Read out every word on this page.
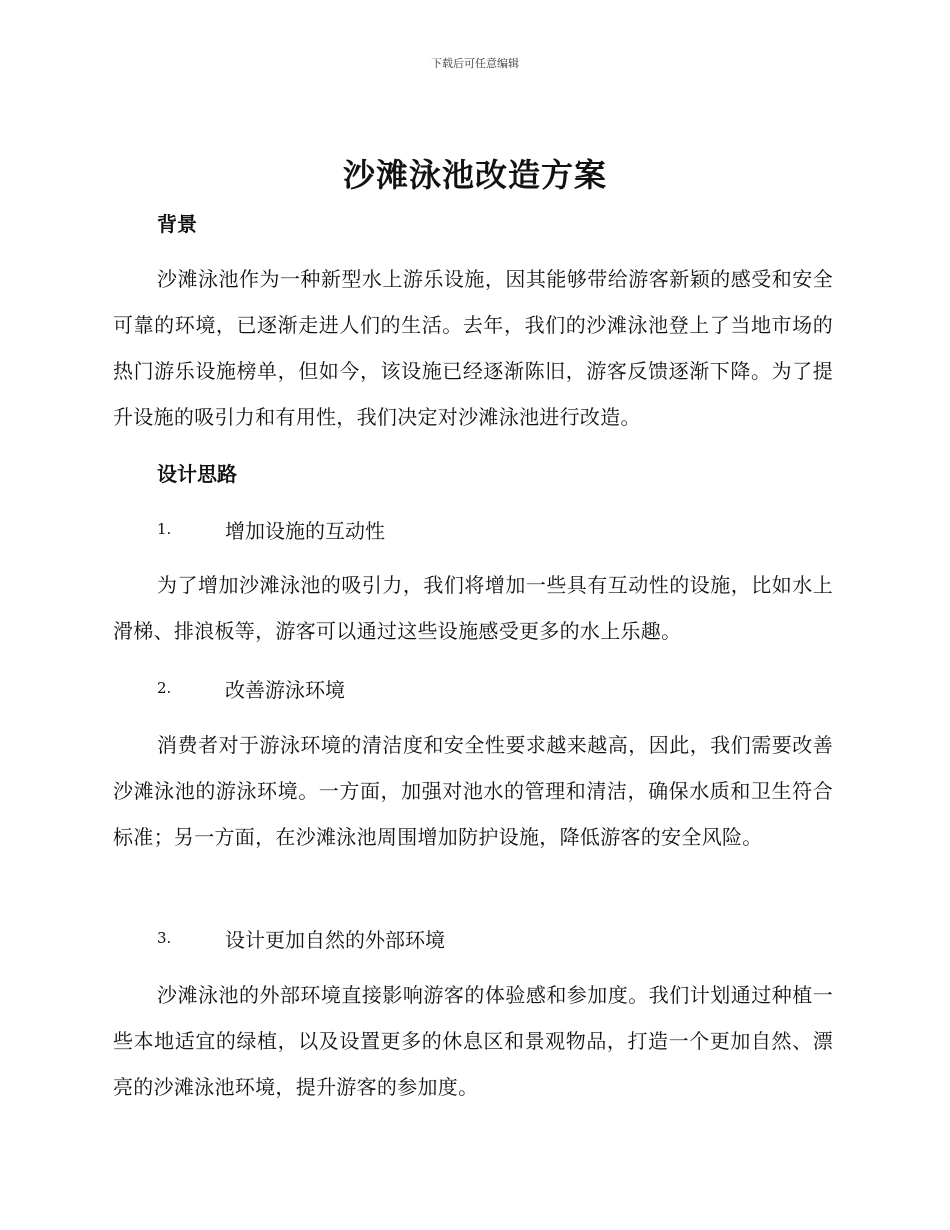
下载后可任意编辑
沙滩泳池改造方案
背景
沙滩泳池作为一种新型水上游乐设施，因其能够带给游客新颖的感受和安全可靠的环境，已逐渐走进人们的生活。去年，我们的沙滩泳池登上了当地市场的热门游乐设施榜单，但如今，该设施已经逐渐陈旧，游客反馈逐渐下降。为了提升设施的吸引力和有用性，我们决定对沙滩泳池进行改造。
设计思路
1.	增加设施的互动性
为了增加沙滩泳池的吸引力，我们将增加一些具有互动性的设施，比如水上滑梯、排浪板等，游客可以通过这些设施感受更多的水上乐趣。
2.	改善游泳环境
消费者对于游泳环境的清洁度和安全性要求越来越高，因此，我们需要改善沙滩泳池的游泳环境。一方面，加强对池水的管理和清洁，确保水质和卫生符合标准；另一方面，在沙滩泳池周围增加防护设施，降低游客的安全风险。
3.	设计更加自然的外部环境
沙滩泳池的外部环境直接影响游客的体验感和参加度。我们计划通过种植一些本地适宜的绿植，以及设置更多的休息区和景观物品，打造一个更加自然、漂亮的沙滩泳池环境，提升游客的参加度。
